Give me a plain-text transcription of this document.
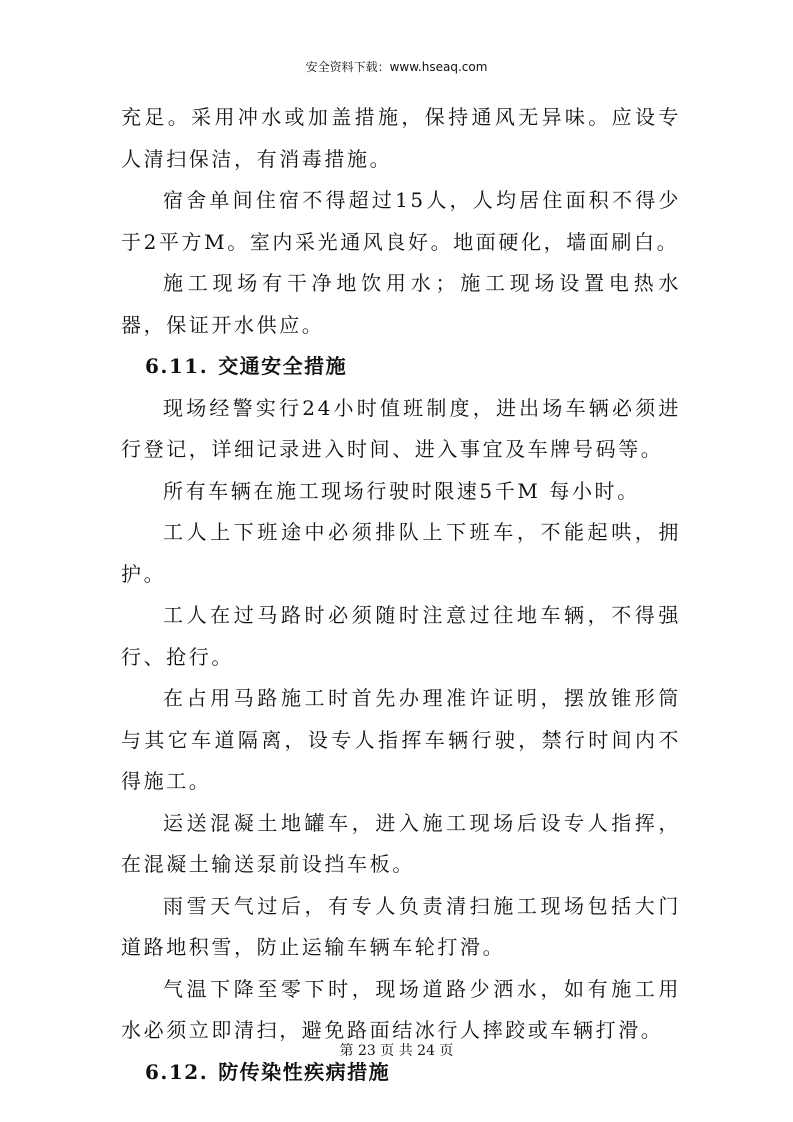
安全资料下载：www.hseaq.com

充足。采用冲水或加盖措施，保持通风无异味。应设专人清扫保洁，有消毒措施。

宿舍单间住宿不得超过15人，人均居住面积不得少于2平方M。室内采光通风良好。地面硬化，墙面刷白。

施工现场有干净地饮用水；施工现场设置电热水器，保证开水供应。

6.11. 交通安全措施

现场经警实行24小时值班制度，进出场车辆必须进行登记，详细记录进入时间、进入事宜及车牌号码等。

所有车辆在施工现场行驶时限速5千M 每小时。

工人上下班途中必须排队上下班车，不能起哄，拥护。

工人在过马路时必须随时注意过往地车辆，不得强行、抢行。

在占用马路施工时首先办理准许证明，摆放锥形筒与其它车道隔离，设专人指挥车辆行驶，禁行时间内不得施工。

运送混凝土地罐车，进入施工现场后设专人指挥，在混凝土输送泵前设挡车板。

雨雪天气过后，有专人负责清扫施工现场包括大门道路地积雪，防止运输车辆车轮打滑。

气温下降至零下时，现场道路少洒水，如有施工用水必须立即清扫，避免路面结冰行人摔跤或车辆打滑。

6.12. 防传染性疾病措施
第 23 页 共 24 页
